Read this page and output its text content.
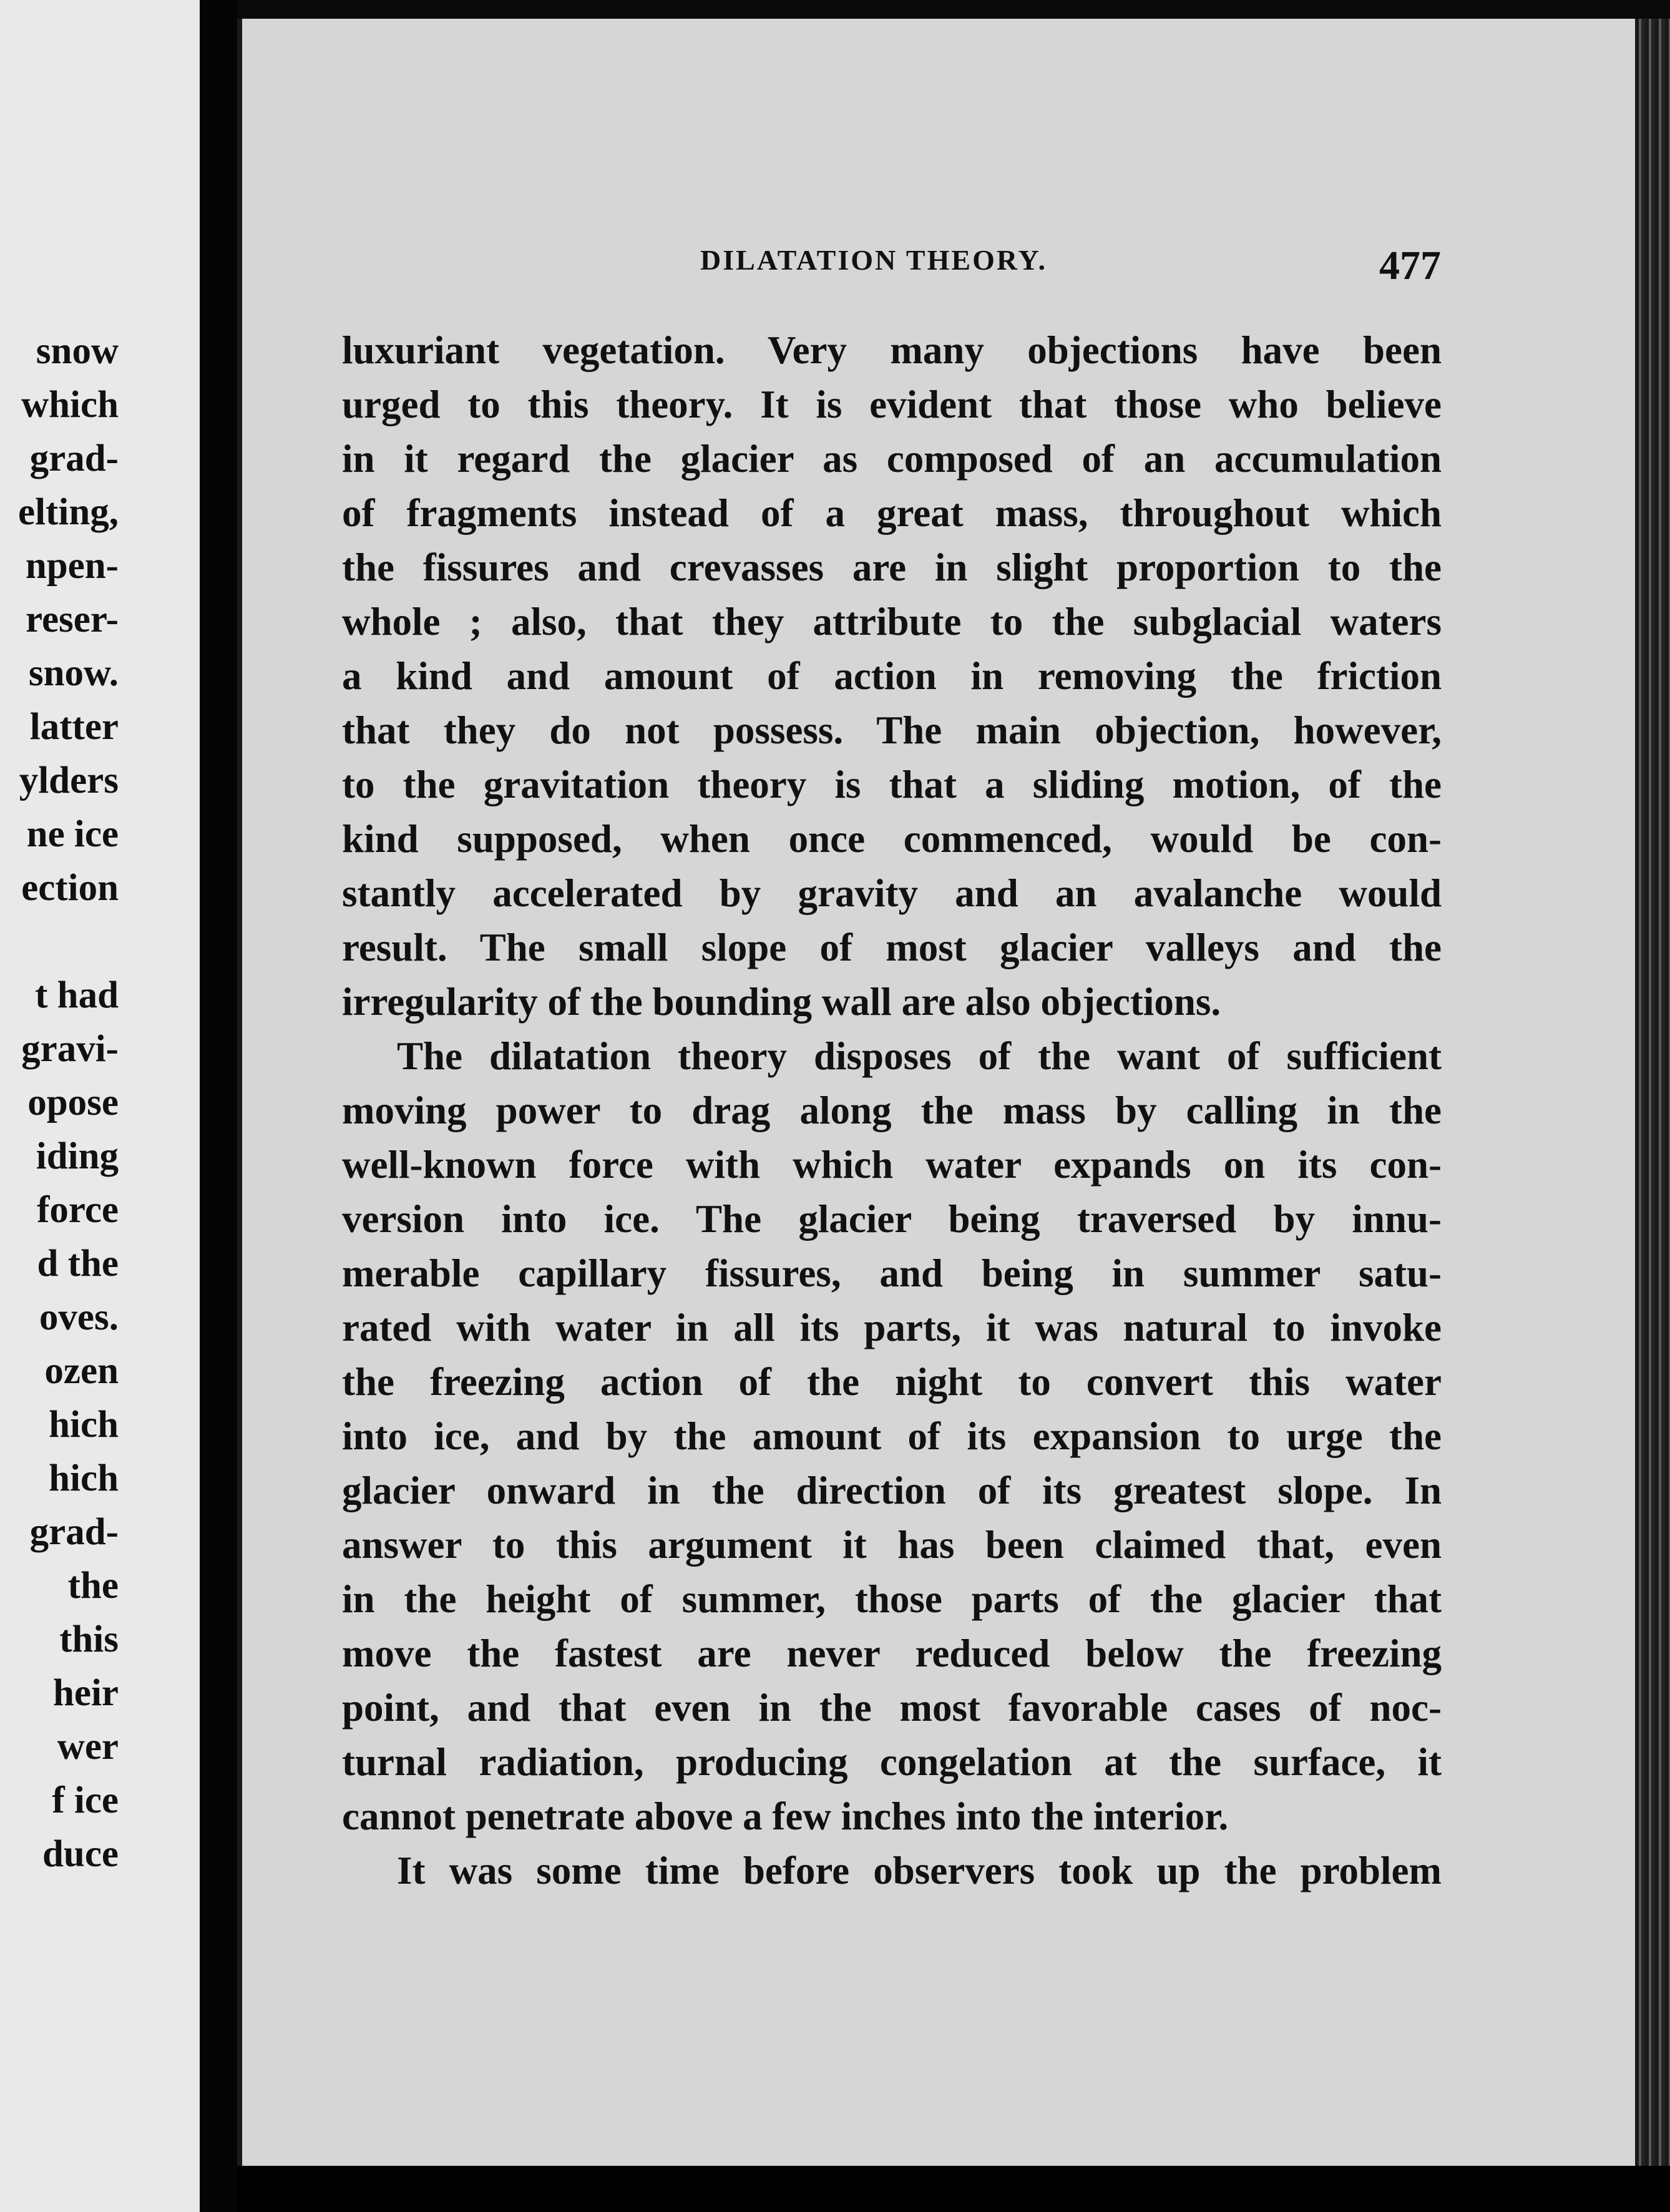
snow
which
grad-
elting,
npen-
reser-
snow.
latter
ylders
ne ice
ection
t had
gravi-
opose
iding
force
d the
oves.
ozen
hich
hich
grad-
the
this
heir
wer
f ice
duce
DILATATION THEORY.	477
luxuriant vegetation. Very many objections have been
urged to this theory. It is evident that those who believe
in it regard the glacier as composed of an accumulation
of fragments instead of a great mass, throughout which
the fissures and crevasses are in slight proportion to the
whole ; also, that they attribute to the subglacial waters
a kind and amount of action in removing the friction
that they do not possess. The main objection, however,
to the gravitation theory is that a sliding motion, of the
kind supposed, when once commenced, would be con-
stantly accelerated by gravity and an avalanche would
result. The small slope of most glacier valleys and the
irregularity of the bounding wall are also objections.
The dilatation theory disposes of the want of sufficient
moving power to drag along the mass by calling in the
well-known force with which water expands on its con-
version into ice. The glacier being traversed by innu-
merable capillary fissures, and being in summer satu-
rated with water in all its parts, it was natural to invoke
the freezing action of the night to convert this water
into ice, and by the amount of its expansion to urge the
glacier onward in the direction of its greatest slope. In
answer to this argument it has been claimed that, even
in the height of summer, those parts of the glacier that
move the fastest are never reduced below the freezing
point, and that even in the most favorable cases of noc-
turnal radiation, producing congelation at the surface, it
cannot penetrate above a few inches into the interior.
It was some time before observers took up the problem
